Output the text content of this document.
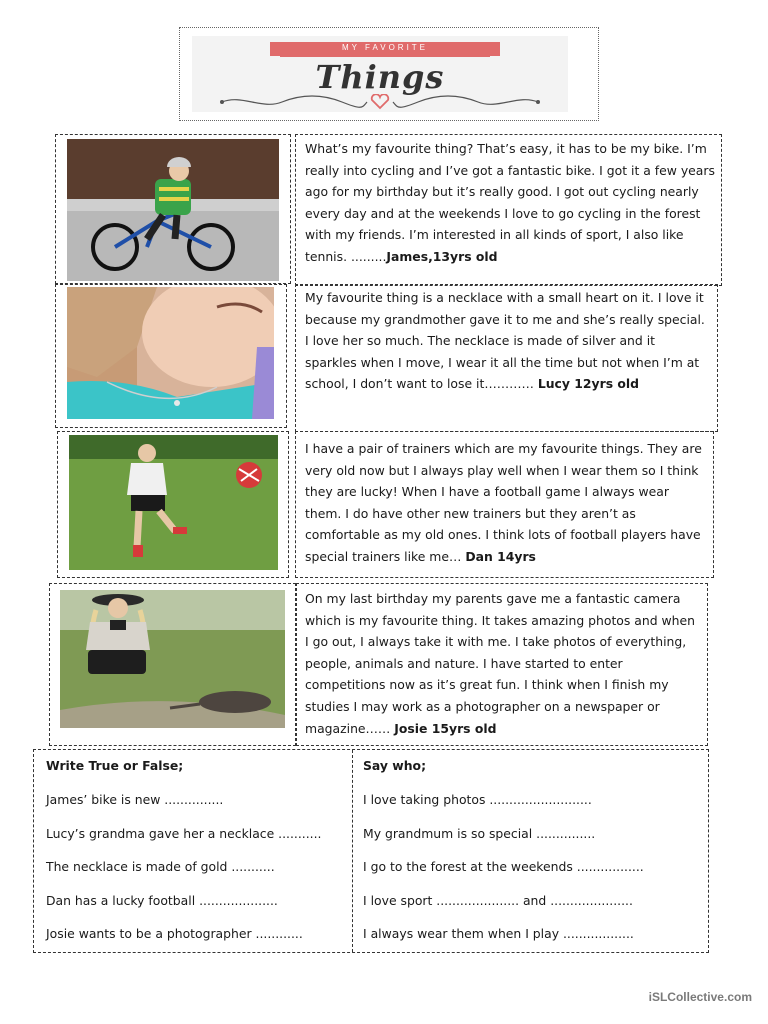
MY FAVORITE
Things
What’s my favourite thing? That’s easy, it has to be my bike. I’m really into cycling and I’ve got a fantastic bike. I got it a few years ago for my birthday but it’s really good. I got out cycling nearly every day and at the weekends I love to go cycling in the forest with my friends. I’m interested in all kinds of sport, I also like tennis. .........James,13yrs old
My favourite thing is a necklace with a small heart on it. I love it because my grandmother gave it to me and she’s really special. I love her so much. The necklace is made of silver and it sparkles when I move, I wear it all the time but not when I’m at school, I don’t want to lose it………… Lucy 12yrs old
I have a pair of trainers which are my favourite things. They are very old now but I always play well when I wear them so I think they are lucky! When I have a football game I always wear them. I do have other new trainers but they aren’t as comfortable as my old ones. I think lots of football players have special trainers like me… Dan 14yrs
On my last birthday my parents gave me a fantastic camera which is my favourite thing. It takes amazing photos and when I go out, I always take it with me. I take photos of everything, people, animals and nature. I have started to enter competitions now as it’s great fun. I think when I finish my studies I may work as a photographer on a newspaper or magazine…… Josie 15yrs old
Write True or False;
James’ bike is new ...............
Lucy’s grandma gave her a necklace ...........
The necklace is made of gold ...........
Dan has a lucky football ....................
Josie wants to be a photographer ............
Say who;
I love taking photos ..........................
My grandmum is so special ...............
I go to the forest at the weekends .................
I love sport ..................... and .....................
I always wear them when I play ..................
iSLCollective.com
